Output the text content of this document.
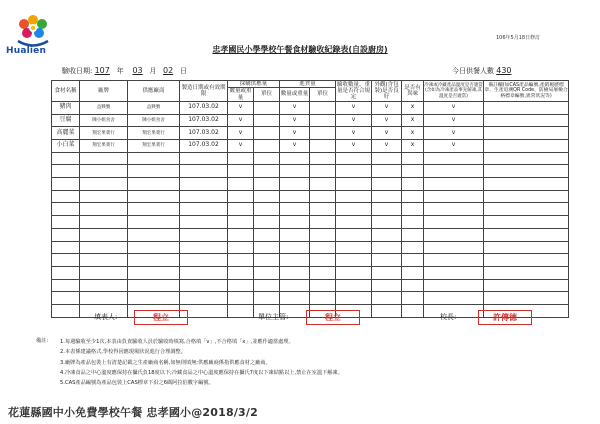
Hualien
106年5月18日修訂
忠孝國民小學學校午餐食材驗收紀錄表(自設廚房)
驗收日期: 107 年 03 月 02 日	今日供餐人數 430
食材名稱	廠牌	供應廠商	製造日期或有效期限	採購供應量		進貨量		驗收數量、重量是否符合規定	外觀(含包裝)是否良好	是否有異味	冷凍或冷藏產品溫度是否適當(含如為冷凍產品事先解凍,其溫度是否適當)	備註欄(如CAS產品編號,產銷履歷標章、生產追溯QR Code、防檢局屠檢合格標章編號,異常狀況等)
				數量或重量	單位	數量或重量	單位					
豬肉	益興號	益興號	107.03.02	v		v		v	v	x	v	
豆腐	陳小姐食舍	陳小姐食舍	107.03.02	v		v		v	v	x	v	
高麗菜	翔宏果菜行	翔宏果菜行	107.03.02	v		v		v	v	x	v	
小白菜	翔宏果菜行	翔宏果菜行	107.03.02	v		v		v	v	x	v	

填表人:	程立	單位主管:	程立	校長:	許傳德
備註: 1.每週驗收至少1次,本表由負責驗收人員於驗收時填寫,合格填「v」,不合格填「x」,並應作適當處理。
2.本表係建議格式,學校得因應現場狀況進行合理調整。
3.廠牌為產品包裝上有清楚記載之生產廠商名稱,如無則填無;供應廠商係指供應食材之廠商。
4.冷凍食品之中心溫度應保持在攝氏負18度以下;冷藏食品之中心溫度應保持在攝氏7度以下凍結點以上,禁止在室溫下解凍。
5.CAS產品編號為產品包裝上CAS標章下沿之6碼阿拉伯數字編號。
花蓮縣國中小免費學校午餐 忠孝國小@2018/3/2
